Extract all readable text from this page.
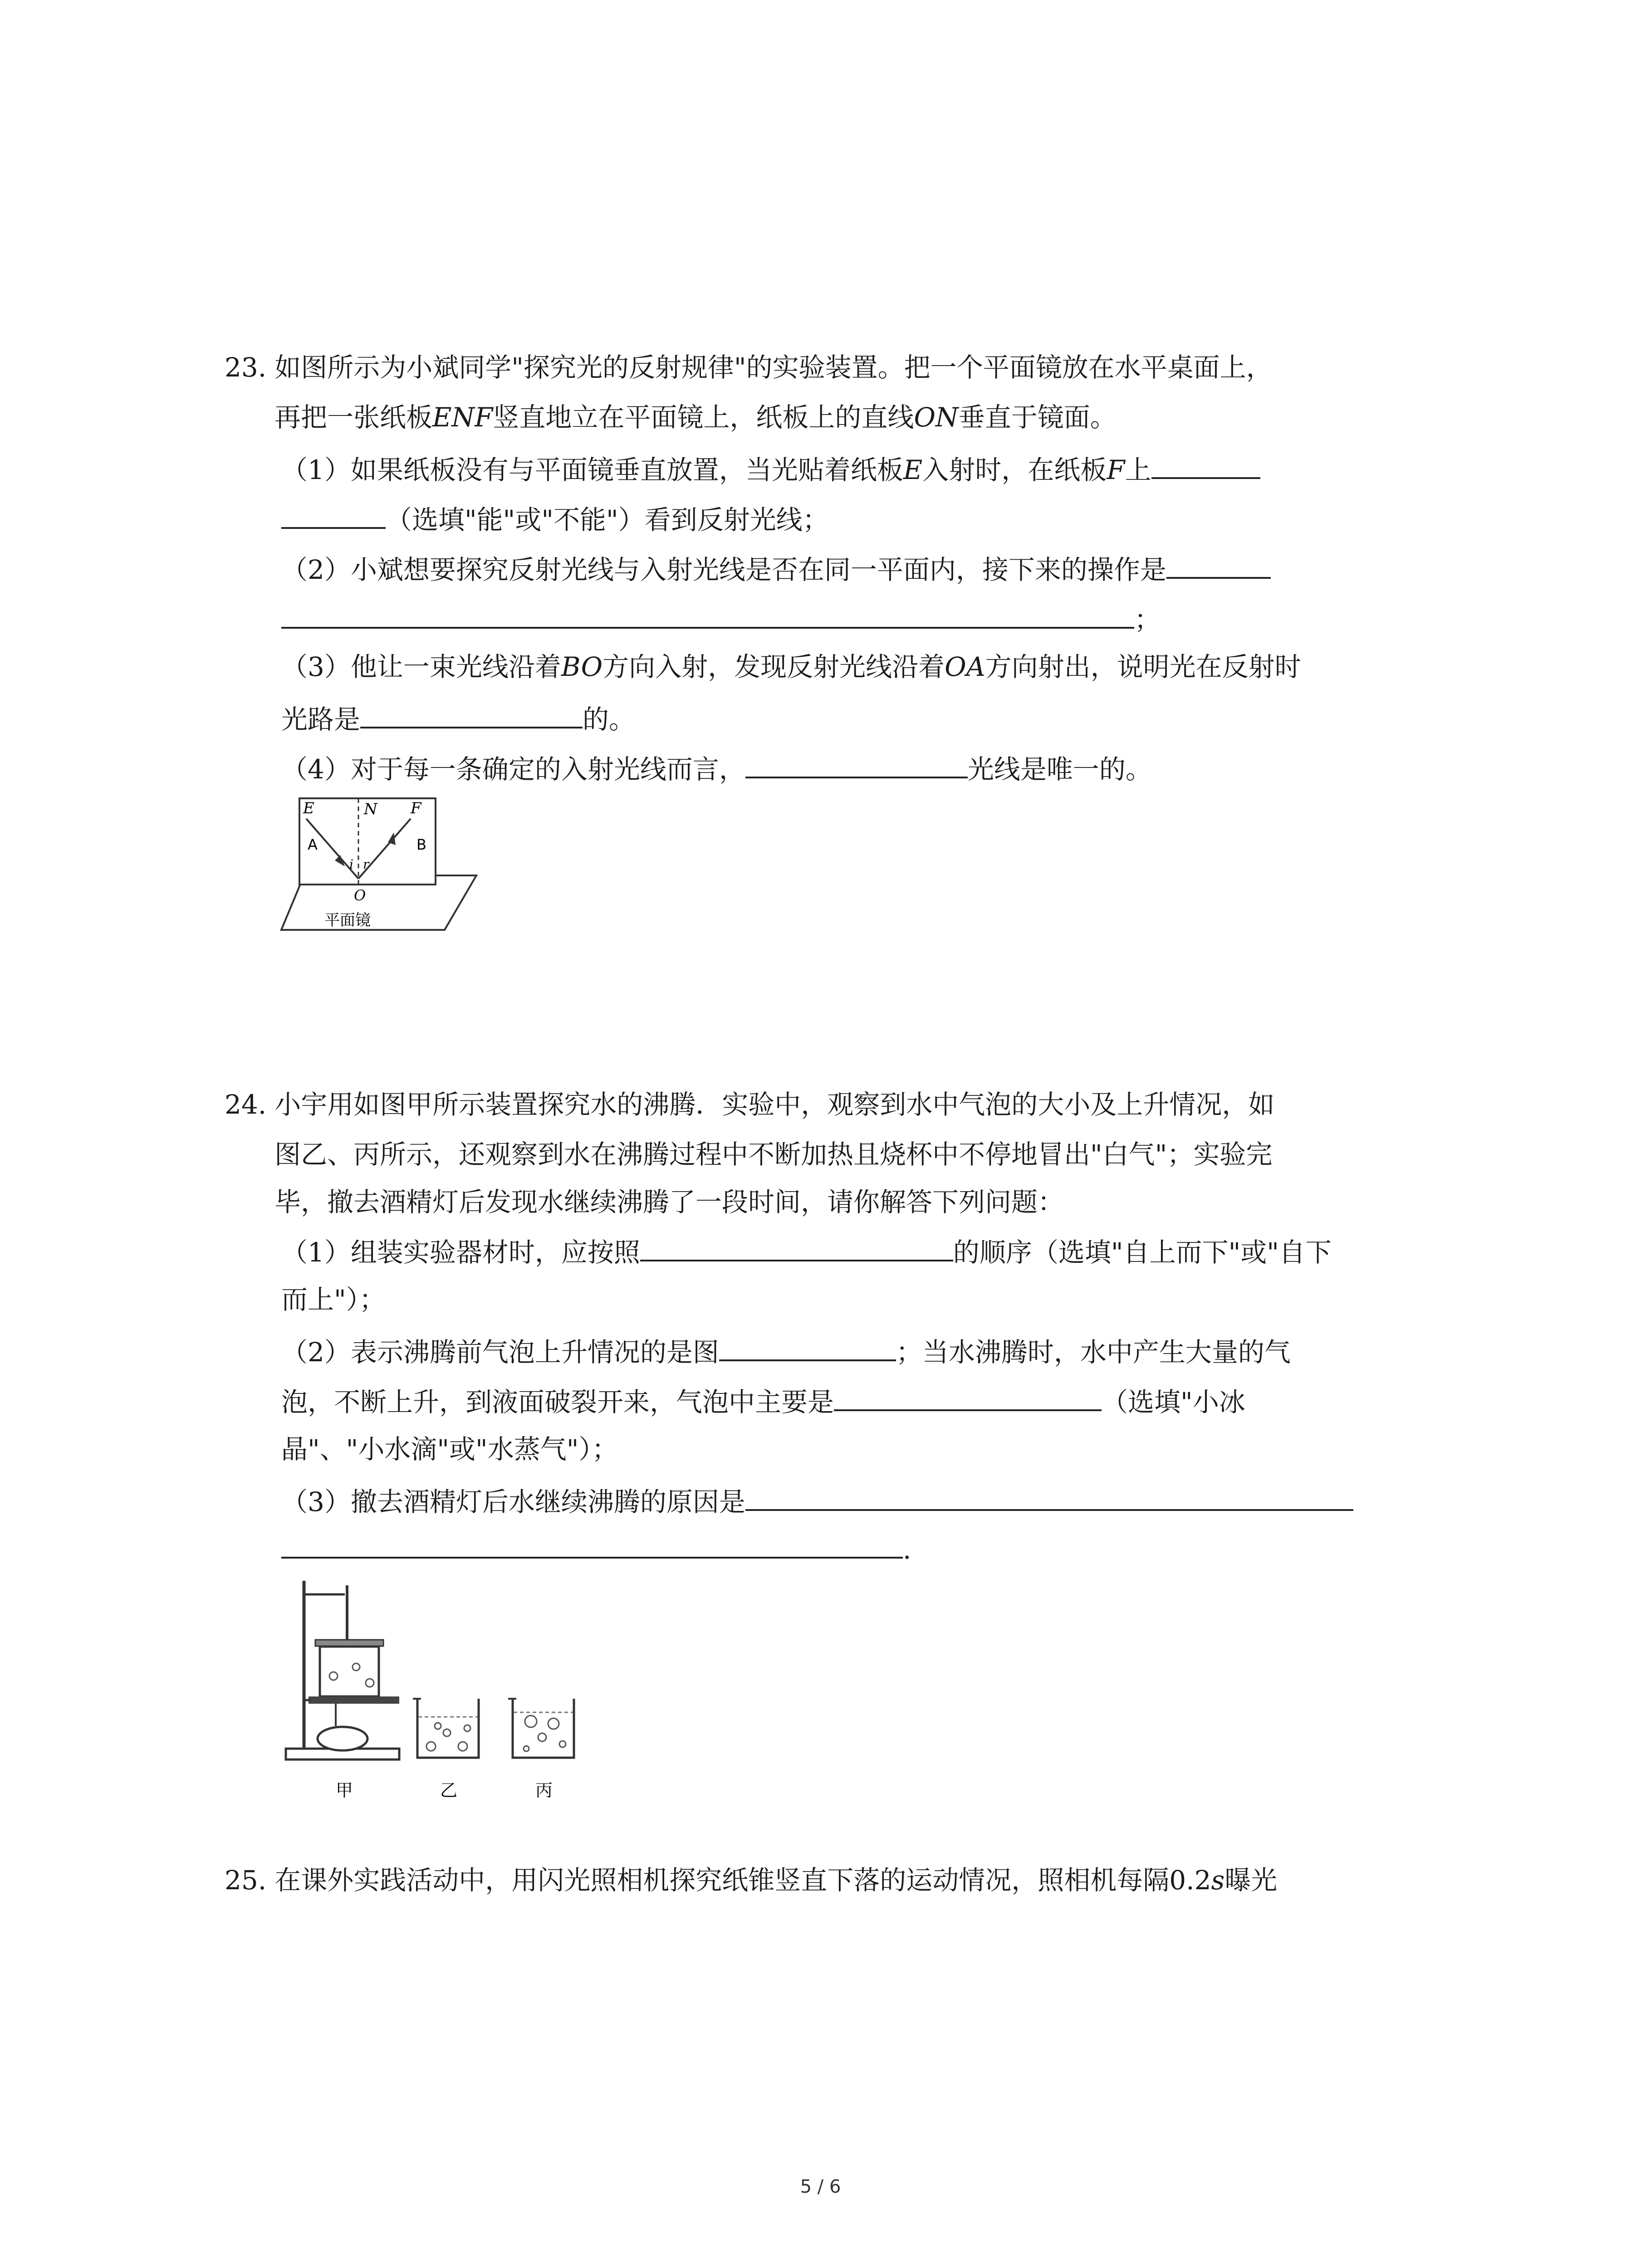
23. 如图所示为小斌同学"探究光的反射规律"的实验装置。把一个平面镜放在水平桌面上，
再把一张纸板ENF竖直地立在平面镜上，纸板上的直线ON垂直于镜面。
（1）如果纸板没有与平面镜垂直放置，当光贴着纸板E入射时，在纸板F上
（选填"能"或"不能"）看到反射光线；
（2）小斌想要探究反射光线与入射光线是否在同一平面内，接下来的操作是
；
（3）他让一束光线沿着BO方向入射，发现反射光线沿着OA方向射出，说明光在反射时
光路是	的。
（4）对于每一条确定的入射光线而言，	光线是唯一的。
E	N F
A	B
i r
O
平面镜
24. 小宇用如图甲所示装置探究水的沸腾．实验中，观察到水中气泡的大小及上升情况，如
图乙、丙所示，还观察到水在沸腾过程中不断加热且烧杯中不停地冒出"白气"；实验完
毕，撤去酒精灯后发现水继续沸腾了一段时间，请你解答下列问题：
（1）组装实验器材时，应按照	的顺序（选填"自上而下"或"自下
而上"）；
（2）表示沸腾前气泡上升情况的是图	；当水沸腾时，水中产生大量的气
泡，不断上升，到液面破裂开来，气泡中主要是	（选填"小冰
晶"、"小水滴"或"水蒸气"）；
（3）撤去酒精灯后水继续沸腾的原因是
.
甲	乙	丙
25. 在课外实践活动中，用闪光照相机探究纸锥竖直下落的运动情况，照相机每隔0.2s曝光
5 / 6
